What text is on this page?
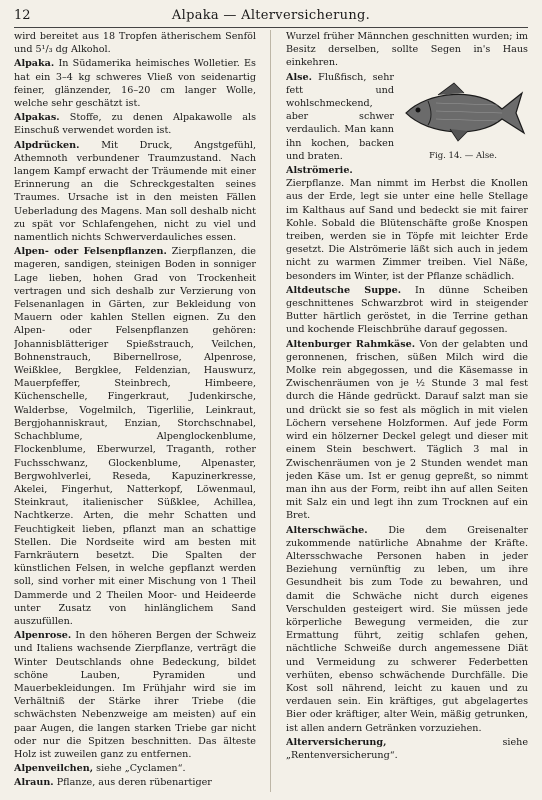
12	Alpaka — Alterversicherung.

wird bereitet aus 18 Tropfen ätherischem Senföl und 5¹/₃ dg Alkohol.

Alpaka. In Südamerika heimisches Wolletier. Es hat ein 3–4 kg schweres Vließ von seidenartig feiner, glänzender, 16–20 cm langer Wolle, welche sehr geschätzt ist.

Alpakas. Stoffe, zu denen Alpakawolle als Einschuß verwendet worden ist.

Alpdrücken. Mit Druck, Angstgefühl, Athemnoth verbundener Traumzustand. Nach langem Kampf erwacht der Träumende mit einer Erinnerung an die Schreckgestalten seines Traumes. Ursache ist in den meisten Fällen Ueberladung des Magens. Man soll deshalb nicht zu spät vor Schlafengehen, nicht zu viel und namentlich nichts Schwerverdauliches essen.

Alpen- oder Felsenpflanzen. Zierpflanzen, die mageren, sandigen, steinigen Boden in sonniger Lage lieben, hohen Grad von Trockenheit vertragen und sich deshalb zur Verzierung von Felsenanlagen in Gärten, zur Bekleidung von Mauern oder kahlen Stellen eignen. Zu den Alpen- oder Felsenpflanzen gehören: Johannisblätteriger Spießstrauch, Veilchen, Bohnenstrauch, Bibernellrose, Alpenrose, Weißklee, Bergklee, Feldenzian, Hauswurz, Mauerpfeffer, Steinbrech, Himbeere, Küchenschelle, Fingerkraut, Judenkirsche, Walderbse, Vogelmilch, Tigerlilie, Leinkraut, Bergjohanniskraut, Enzian, Storchschnabel, Schachblume, Alpenglockenblume, Flockenblume, Eberwurzel, Traganth, rother Fuchsschwanz, Glockenblume, Alpenaster, Bergwohlverlei, Reseda, Kapuzinerkresse, Akelei, Fingerhut, Natterkopf, Löwenmaul, Steinkraut, italienischer Süßklee, Achillea, Nachtkerze. Arten, die mehr Schatten und Feuchtigkeit lieben, pflanzt man an schattige Stellen. Die Nordseite wird am besten mit Farnkräutern besetzt. Die Spalten der künstlichen Felsen, in welche gepflanzt werden soll, sind vorher mit einer Mischung von 1 Theil Dammerde und 2 Theilen Moor- und Heideerde unter Zusatz von hinlänglichem Sand auszufüllen.

Alpenrose. In den höheren Bergen der Schweiz und Italiens wachsende Zierpflanze, verträgt die Winter Deutschlands ohne Bedeckung, bildet schöne Lauben, Pyramiden und Mauerbekleidungen. Im Frühjahr wird sie im Verhältniß der Stärke ihrer Triebe (die schwächsten Nebenzweige am meisten) auf ein paar Augen, die langen starken Triebe gar nicht oder nur die Spitzen beschnitten. Das älteste Holz ist zuweilen ganz zu entfernen.

Alpenveilchen, siehe „Cyclamen“.

Alraun. Pflanze, aus deren rübenartiger

Wurzel früher Männchen geschnitten wurden; im Besitz derselben, sollte Segen in's Haus einkehren.

Fig. 14. — Alse.

Alse. Flußfisch, sehr fett und wohlschmeckend, aber schwer verdaulich. Man kann ihn kochen, backen und braten.

Alströmerie. Zierpflanze. Man nimmt im Herbst die Knollen aus der Erde, legt sie unter eine helle Stellage im Kalthaus auf Sand und bedeckt sie mit fairer Kohle. Sobald die Blütenschäfte große Knospen treiben, werden sie in Töpfe mit leichter Erde gesetzt. Die Alströmerie läßt sich auch in jedem nicht zu warmen Zimmer treiben. Viel Näße, besonders im Winter, ist der Pflanze schädlich.

Altdeutsche Suppe. In dünne Scheiben geschnittenes Schwarzbrot wird in steigender Butter härtlich geröstet, in die Terrine gethan und kochende Fleischbrühe darauf gegossen.

Altenburger Rahmkäse. Von der gelabten und geronnenen, frischen, süßen Milch wird die Molke rein abgegossen, und die Käsemasse in Zwischenräumen von je ½ Stunde 3 mal fest durch die Hände gedrückt. Darauf salzt man sie und drückt sie so fest als möglich in mit vielen Löchern versehene Holzformen. Auf jede Form wird ein hölzerner Deckel gelegt und dieser mit einem Stein beschwert. Täglich 3 mal in Zwischenräumen von je 2 Stunden wendet man jeden Käse um. Ist er genug gepreßt, so nimmt man ihn aus der Form, reibt ihn auf allen Seiten mit Salz ein und legt ihn zum Trocknen auf ein Bret.

Alterschwäche. Die dem Greisenalter zukommende natürliche Abnahme der Kräfte. Altersschwache Personen haben in jeder Beziehung vernünftig zu leben, um ihre Gesundheit bis zum Tode zu bewahren, und damit die Schwäche nicht durch eigenes Verschulden gesteigert wird. Sie müssen jede körperliche Bewegung vermeiden, die zur Ermattung führt, zeitig schlafen gehen, nächtliche Schweiße durch angemessene Diät und Vermeidung zu schwerer Federbetten verhüten, ebenso schwächende Durchfälle. Die Kost soll nährend, leicht zu kauen und zu verdauen sein. Ein kräftiges, gut abgelagertes Bier oder kräftiger, alter Wein, mäßig getrunken, ist allen andern Getränken vorzuziehen.

Alterversicherung,	siehe „Rentenversicherung“.
